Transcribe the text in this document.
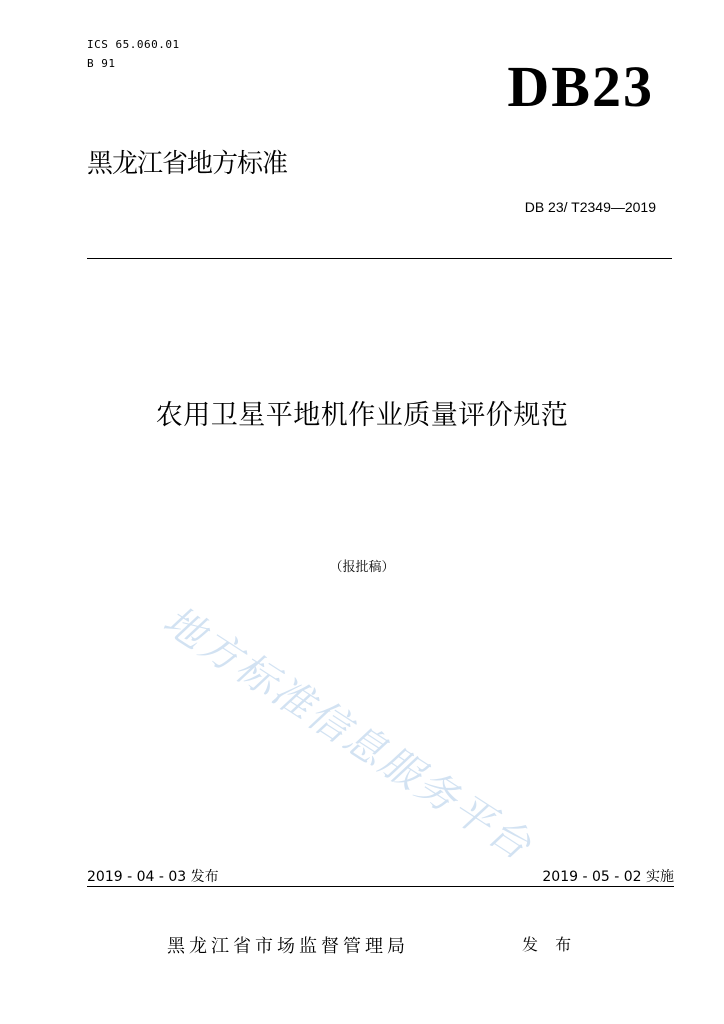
ICS 65.060.01
B 91	DB23
黑龙江省地方标准
DB 23/ T2349—2019
农用卫星平地机作业质量评价规范
（报批稿）
地方标准信息服务平台
2019 - 04 - 03 发布	2019 - 05 - 02 实施
黑龙江省市场监督管理局	发 布
